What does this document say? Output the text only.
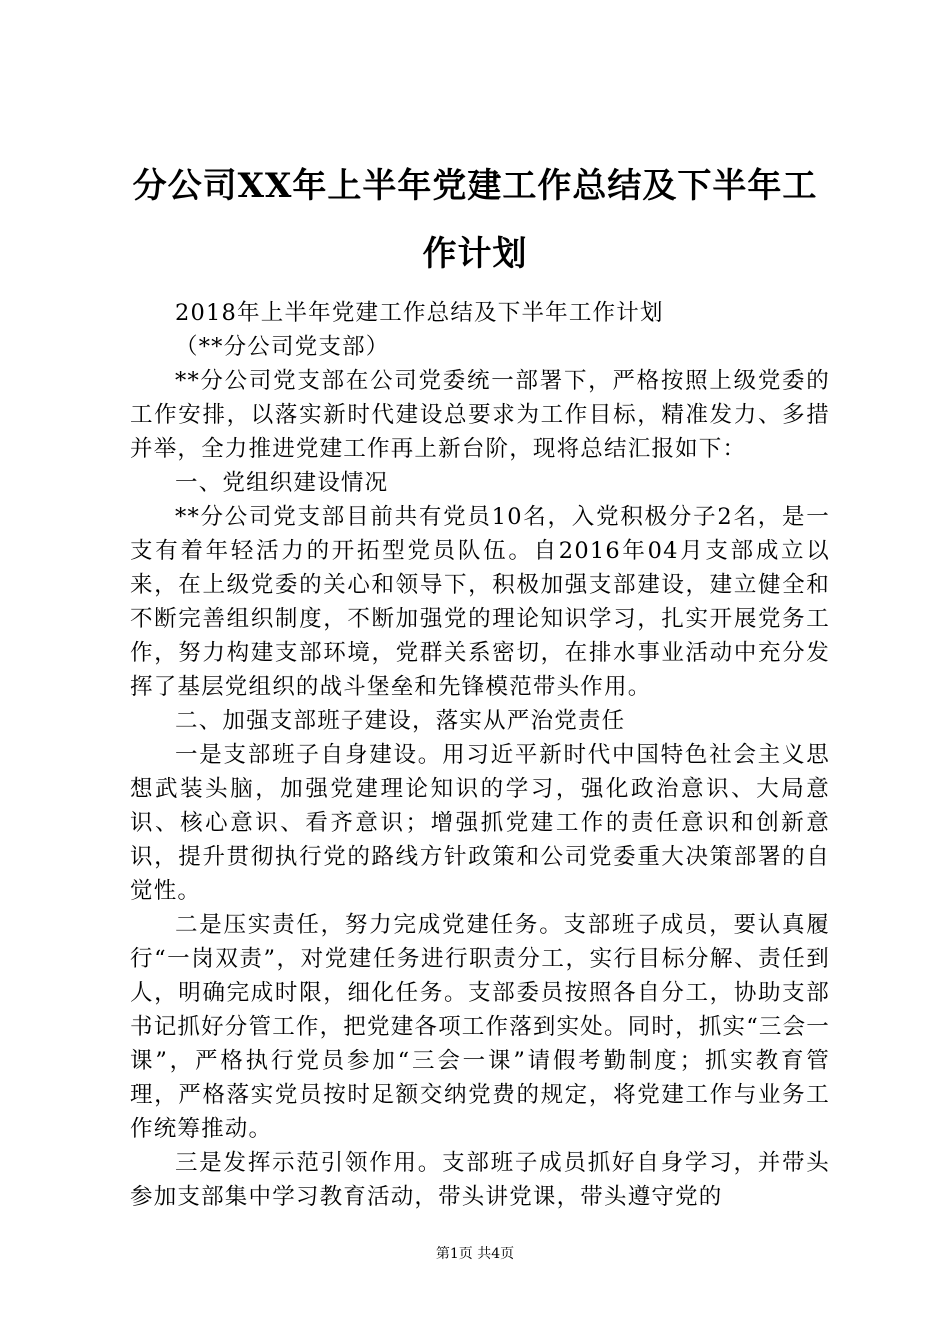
分公司XX年上半年党建工作总结及下半年工作计划

2018年上半年党建工作总结及下半年工作计划

（**分公司党支部）

**分公司党支部在公司党委统一部署下，严格按照上级党委的工作安排，以落实新时代建设总要求为工作目标，精准发力、多措并举，全力推进党建工作再上新台阶，现将总结汇报如下：

一、党组织建设情况

**分公司党支部目前共有党员10名，入党积极分子2名，是一支有着年轻活力的开拓型党员队伍。自2016年04月支部成立以来，在上级党委的关心和领导下，积极加强支部建设，建立健全和不断完善组织制度，不断加强党的理论知识学习，扎实开展党务工作，努力构建支部环境，党群关系密切，在排水事业活动中充分发挥了基层党组织的战斗堡垒和先锋模范带头作用。

二、加强支部班子建设，落实从严治党责任

一是支部班子自身建设。用习近平新时代中国特色社会主义思想武装头脑，加强党建理论知识的学习，强化政治意识、大局意识、核心意识、看齐意识；增强抓党建工作的责任意识和创新意识，提升贯彻执行党的路线方针政策和公司党委重大决策部署的自觉性。

二是压实责任，努力完成党建任务。支部班子成员，要认真履行“一岗双责”，对党建任务进行职责分工，实行目标分解、责任到人，明确完成时限，细化任务。支部委员按照各自分工，协助支部书记抓好分管工作，把党建各项工作落到实处。同时，抓实“三会一课”，严格执行党员参加“三会一课”请假考勤制度；抓实教育管理，严格落实党员按时足额交纳党费的规定，将党建工作与业务工作统筹推动。

三是发挥示范引领作用。支部班子成员抓好自身学习，并带头参加支部集中学习教育活动，带头讲党课，带头遵守党的

第1页 共4页
